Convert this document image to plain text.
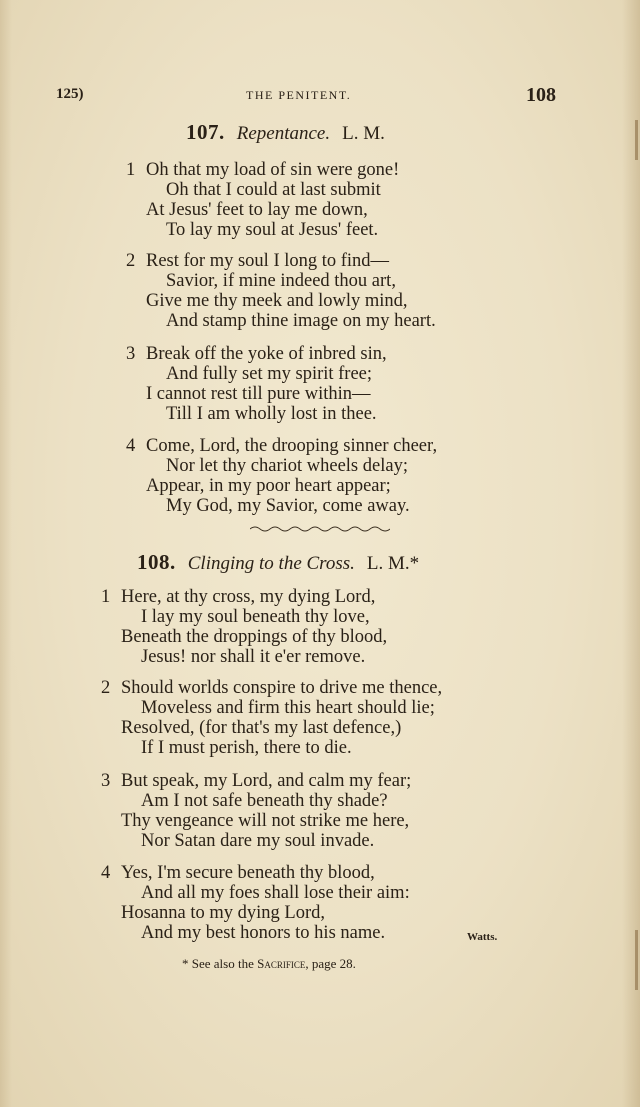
125)	THE PENITENT.	108
107. Repentance. L. M.
1 Oh that my load of sin were gone!
Oh that I could at last submit
At Jesus' feet to lay me down,
To lay my soul at Jesus' feet.
2 Rest for my soul I long to find—
Savior, if mine indeed thou art,
Give me thy meek and lowly mind,
And stamp thine image on my heart.
3 Break off the yoke of inbred sin,
And fully set my spirit free;
I cannot rest till pure within—
Till I am wholly lost in thee.
4 Come, Lord, the drooping sinner cheer,
Nor let thy chariot wheels delay;
Appear, in my poor heart appear;
My God, my Savior, come away.
108. Clinging to the Cross. L. M.*
1 Here, at thy cross, my dying Lord,
I lay my soul beneath thy love,
Beneath the droppings of thy blood,
Jesus! nor shall it e'er remove.
2 Should worlds conspire to drive me thence,
Moveless and firm this heart should lie;
Resolved, (for that's my last defence,)
If I must perish, there to die.
3 But speak, my Lord, and calm my fear;
Am I not safe beneath thy shade?
Thy vengeance will not strike me here,
Nor Satan dare my soul invade.
4 Yes, I'm secure beneath thy blood,
And all my foes shall lose their aim:
Hosanna to my dying Lord,
And my best honors to his name.	Watts.
* See also the Sacrifice, page 28.
